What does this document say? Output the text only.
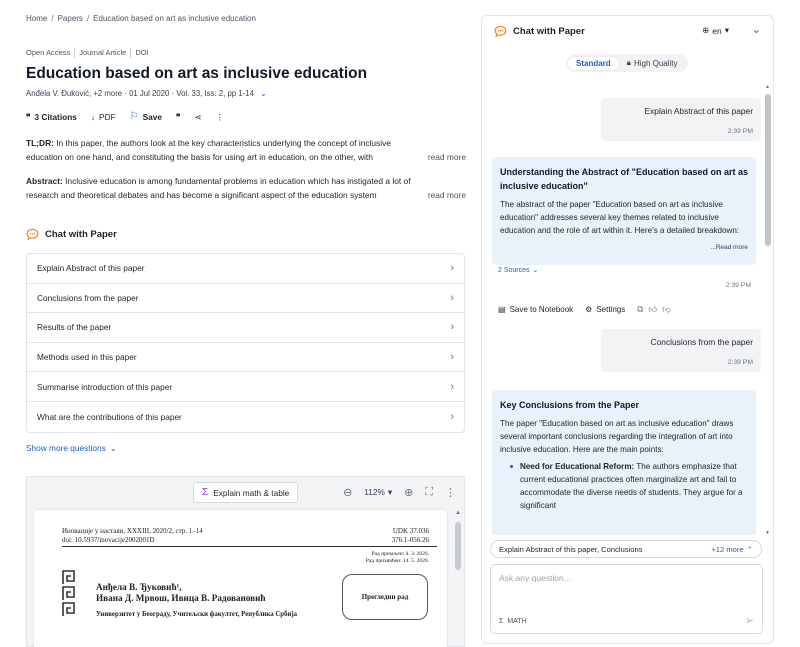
Home / Papers / Education based on art as inclusive education
Open Access	Journal Article	DOI
Education based on art as inclusive education
Anđela V. Đuković, +2 more · 01 Jul 2020 · Vol. 33, Iss: 2, pp 1-14 ⌄
❞ 3 Citations ↓ PDF ⚐ Save ❞ ⋖ ⋮
TL;DR: In this paper, the authors look at the key characteristics underlying the concept of inclusive education on one hand, and constituting the basis for using art in education, on the other, with	read more
Abstract: Inclusive education is among fundamental problems in education which has instigated a lot of research and theoretical debates and has become a significant aspect of the education system	read more
Chat with Paper
Explain Abstract of this paper	›
Conclusions from the paper	›
Results of the paper	›
Methods used in this paper	›
Summarise introduction of this paper	›
What are the contributions of this paper	›
Show more questions ⌄
Σ Explain math & table	⊖ 112% ▾ ⊕ ⛶ ⋮
Иновације у настави, XXXIII, 2020/2, стр. 1–14
doi: 10.5937/inovacije2002001D
UDK 37.036
376.1-056.26
Рад примљен: 4. 3. 2020.
Рад прихваћен: 14. 5. 2020.
Анђела В. Ђуковић¹,
Ивана Д. Мрвош, Ивица В. Радовановић
Универзитет у Београду, Учитељски факултет, Република Србија
Прегледни рад
▲
Chat with Paper	⊕ en ▾ ⌄
Standard	🔒︎ High Quality
Explain Abstract of this paper
2:39 PM
Understanding the Abstract of "Education based on art as inclusive education"

The abstract of the paper "Education based on art as inclusive education" addresses several key themes related to inclusive education and the role of art within it. Here's a detailed breakdown:

...Read more
2 Sources ⌄
2:39 PM
▤ Save to Notebook ⚙ Settings ⧉ 👍︎ 👎︎
Conclusions from the paper
2:39 PM
Key Conclusions from the Paper

The paper "Education based on art as inclusive education" draws several important conclusions regarding the integration of art into inclusive education. Here are the main points:

Need for Educational Reform: The authors emphasize that current educational practices often marginalize art and fail to accommodate the diverse needs of students. They argue for a significant
▲
▼
Explain Abstract of this paper, Conclusions	+12 more ⌃
Ask any question...
Σ MATH	➢
